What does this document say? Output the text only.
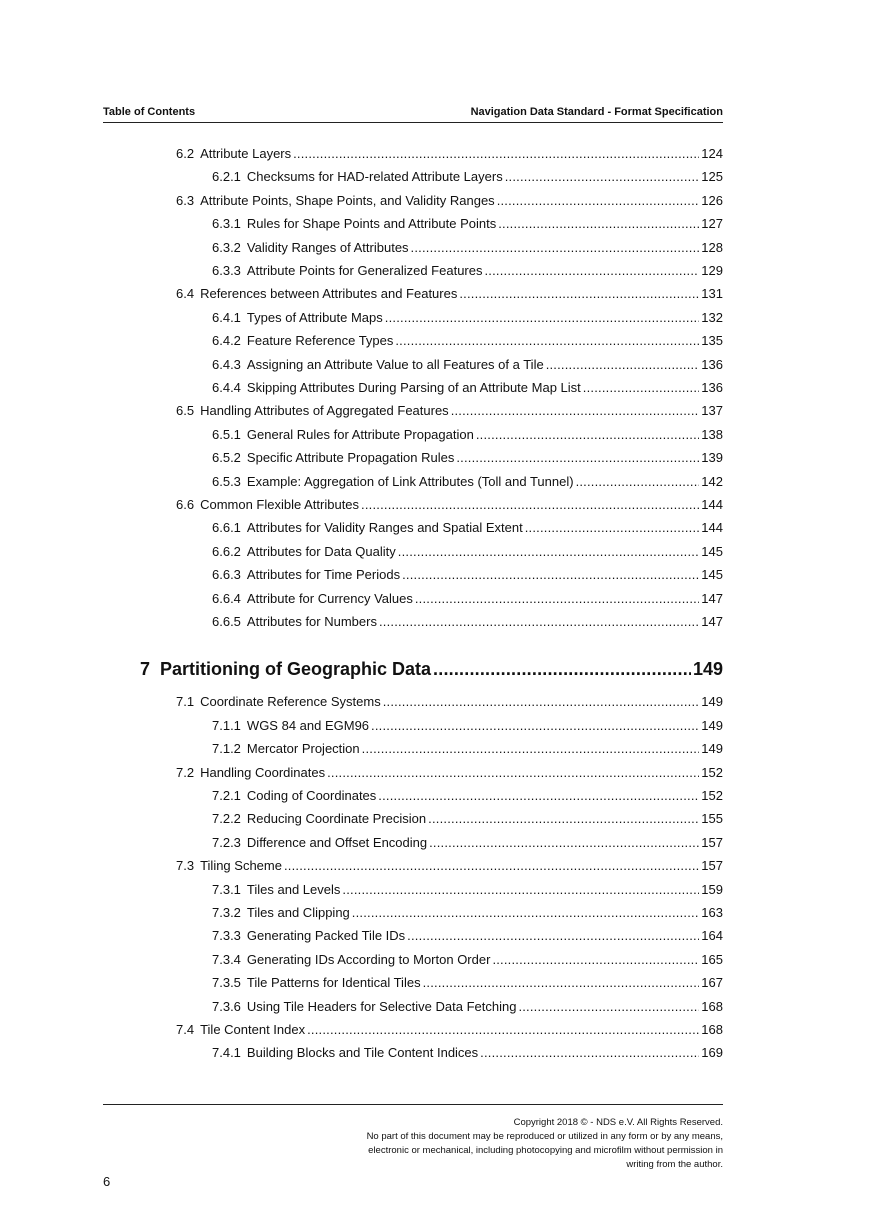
Table of Contents	Navigation Data Standard - Format Specification
6.2 Attribute Layers .....	124
6.2.1 Checksums for HAD-related Attribute Layers .....	125
6.3 Attribute Points, Shape Points, and Validity Ranges .....	126
6.3.1 Rules for Shape Points and Attribute Points .....	127
6.3.2 Validity Ranges of Attributes .....	128
6.3.3 Attribute Points for Generalized Features .....	129
6.4 References between Attributes and Features .....	131
6.4.1 Types of Attribute Maps .....	132
6.4.2 Feature Reference Types .....	135
6.4.3 Assigning an Attribute Value to all Features of a Tile .....	136
6.4.4 Skipping Attributes During Parsing of an Attribute Map List .....	136
6.5 Handling Attributes of Aggregated Features .....	137
6.5.1 General Rules for Attribute Propagation .....	138
6.5.2 Specific Attribute Propagation Rules .....	139
6.5.3 Example: Aggregation of Link Attributes (Toll and Tunnel) .....	142
6.6 Common Flexible Attributes .....	144
6.6.1 Attributes for Validity Ranges and Spatial Extent .....	144
6.6.2 Attributes for Data Quality .....	145
6.6.3 Attributes for Time Periods .....	145
6.6.4 Attribute for Currency Values .....	147
6.6.5 Attributes for Numbers .....	147
7 Partitioning of Geographic Data .....	149
7.1 Coordinate Reference Systems .....	149
7.1.1 WGS 84 and EGM96 .....	149
7.1.2 Mercator Projection .....	149
7.2 Handling Coordinates .....	152
7.2.1 Coding of Coordinates .....	152
7.2.2 Reducing Coordinate Precision .....	155
7.2.3 Difference and Offset Encoding .....	157
7.3 Tiling Scheme .....	157
7.3.1 Tiles and Levels .....	159
7.3.2 Tiles and Clipping .....	163
7.3.3 Generating Packed Tile IDs .....	164
7.3.4 Generating IDs According to Morton Order .....	165
7.3.5 Tile Patterns for Identical Tiles .....	167
7.3.6 Using Tile Headers for Selective Data Fetching .....	168
7.4 Tile Content Index .....	168
7.4.1 Building Blocks and Tile Content Indices .....	169
Copyright 2018 © - NDS e.V. All Rights Reserved.
No part of this document may be reproduced or utilized in any form or by any means,
electronic or mechanical, including photocopying and microfilm without permission in
writing from the author.
6
